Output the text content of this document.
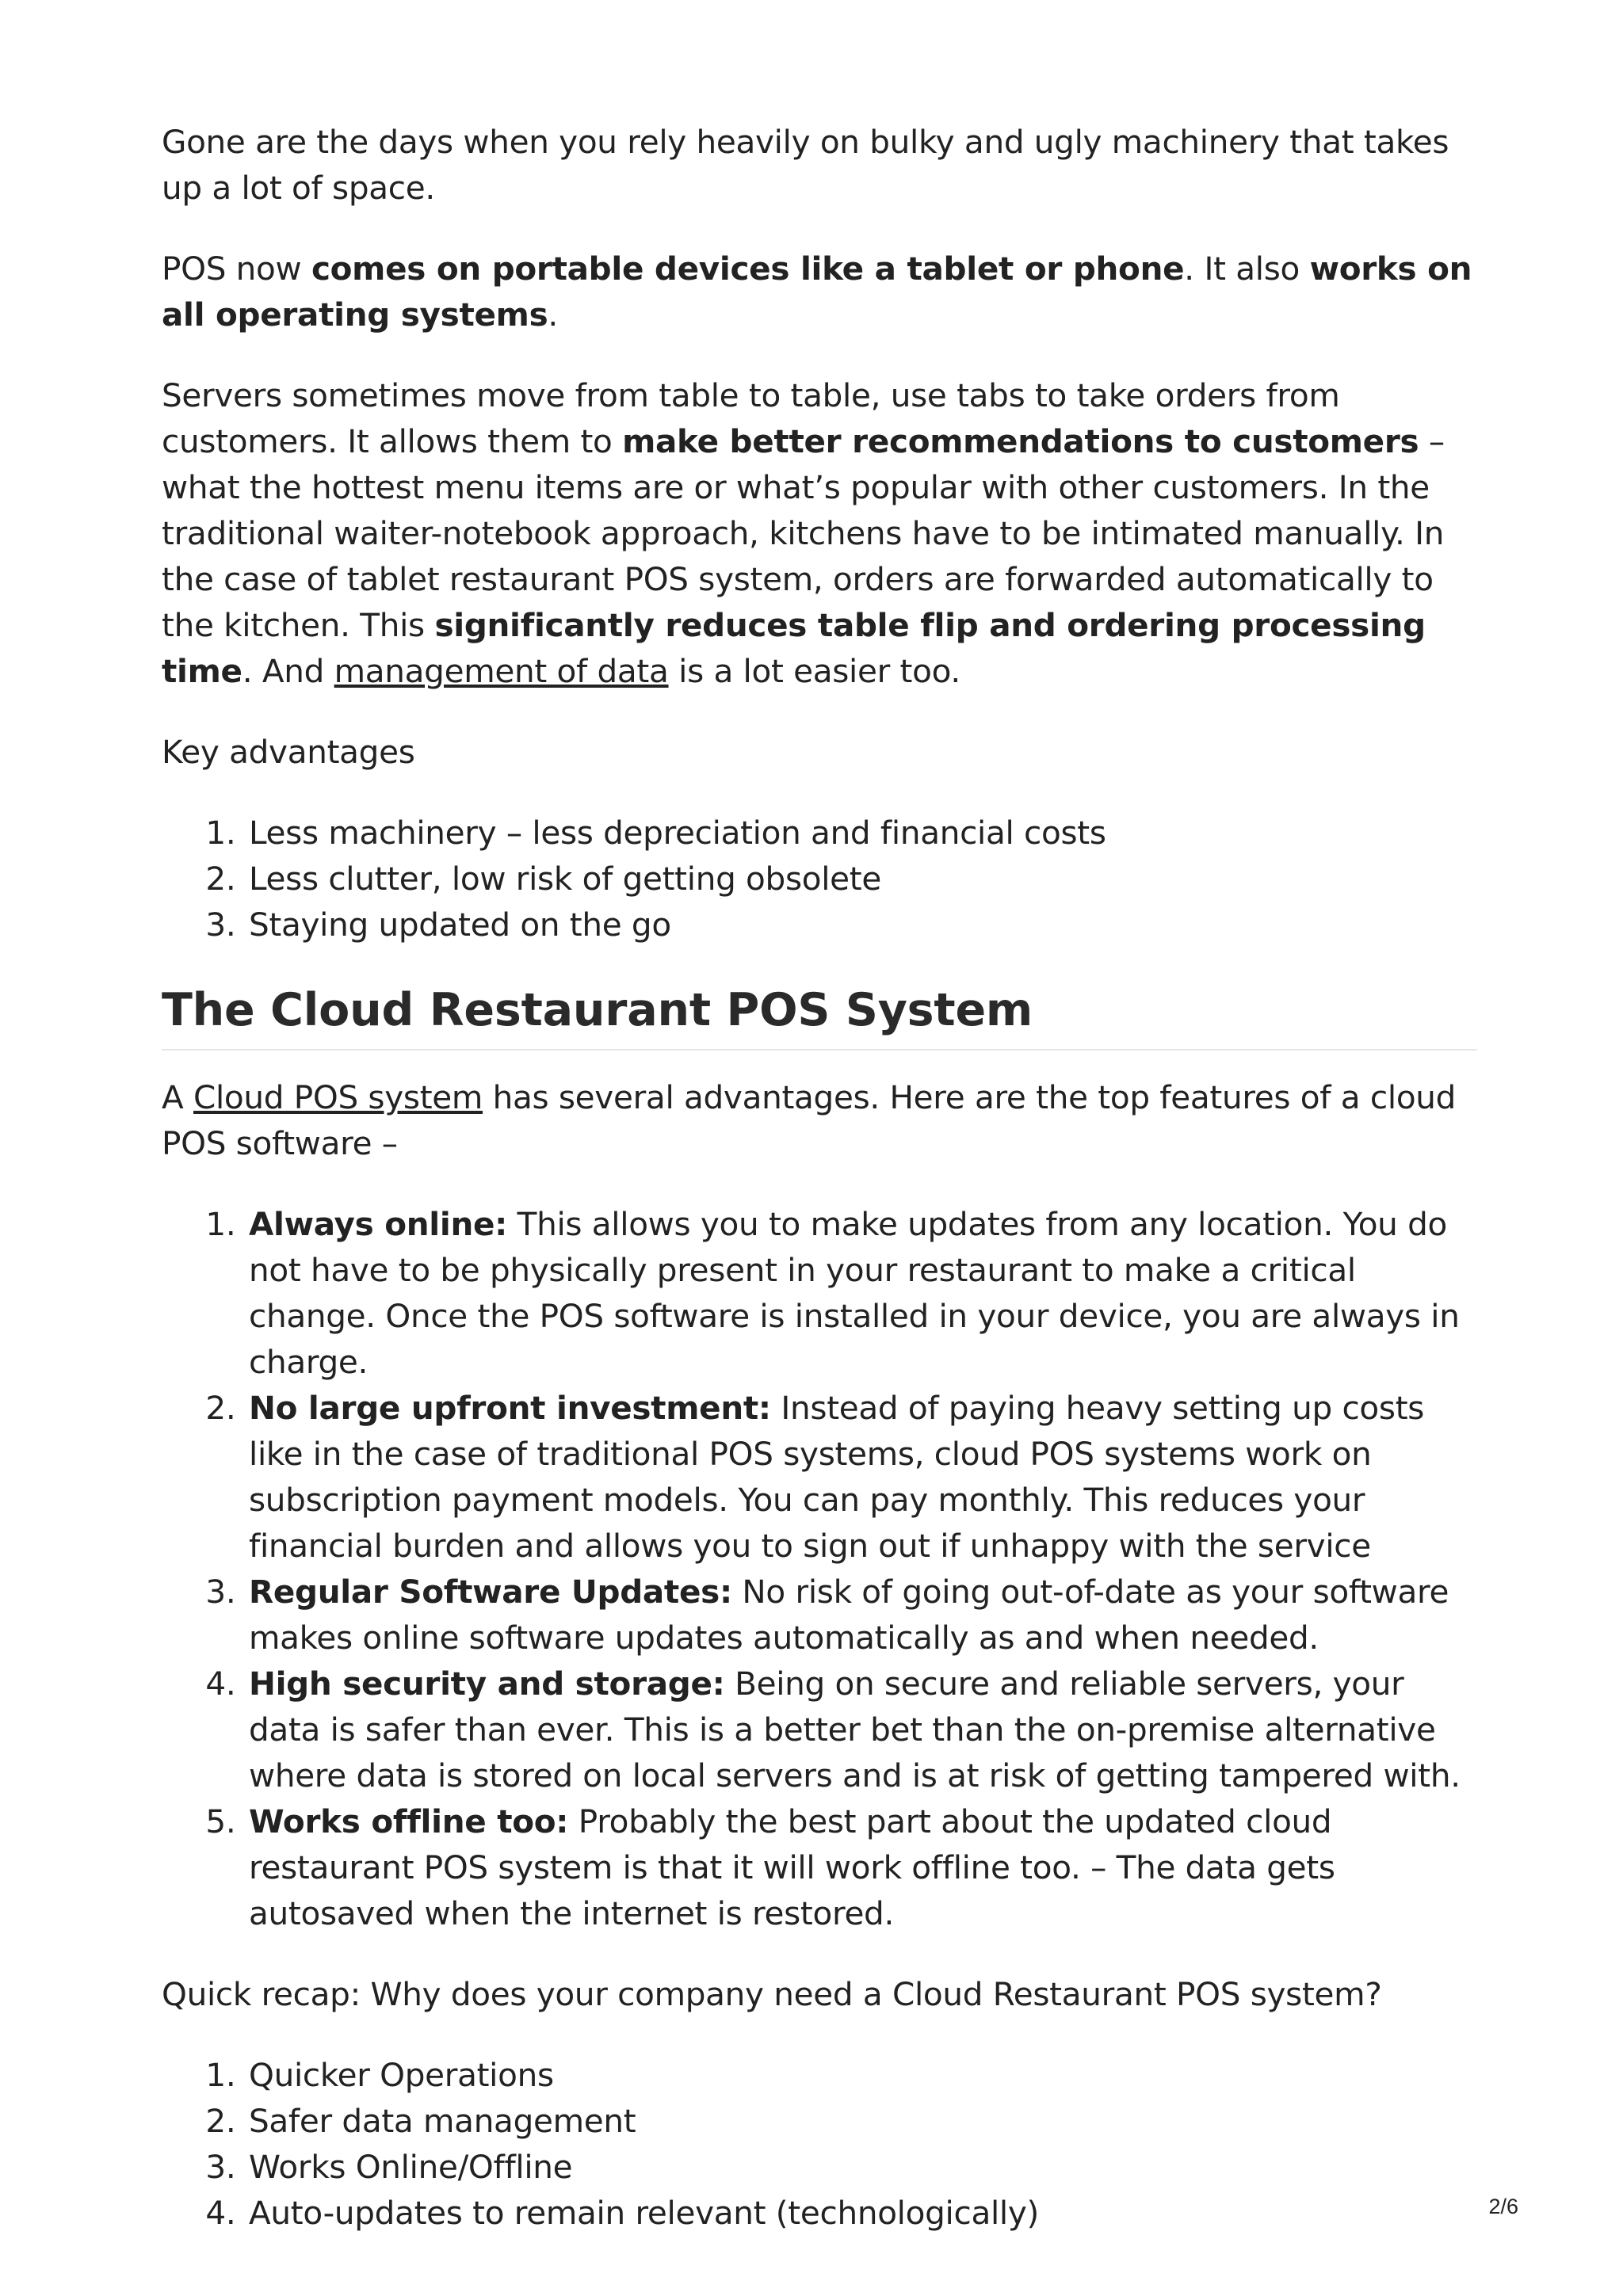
Gone are the days when you rely heavily on bulky and ugly machinery that takes up a lot of space.

POS now comes on portable devices like a tablet or phone. It also works on all operating systems.

Servers sometimes move from table to table, use tabs to take orders from customers. It allows them to make better recommendations to customers – what the hottest menu items are or what’s popular with other customers. In the traditional waiter-notebook approach, kitchens have to be intimated manually. In the case of tablet restaurant POS system, orders are forwarded automatically to the kitchen. This significantly reduces table flip and ordering processing time. And management of data is a lot easier too.

Key advantages

1. Less machinery – less depreciation and financial costs
2. Less clutter, low risk of getting obsolete
3. Staying updated on the go
The Cloud Restaurant POS System

A Cloud POS system has several advantages. Here are the top features of a cloud POS software –

1. Always online: This allows you to make updates from any location. You do not have to be physically present in your restaurant to make a critical change. Once the POS software is installed in your device, you are always in charge.
2. No large upfront investment: Instead of paying heavy setting up costs like in the case of traditional POS systems, cloud POS systems work on subscription payment models. You can pay monthly. This reduces your financial burden and allows you to sign out if unhappy with the service
3. Regular Software Updates: No risk of going out-of-date as your software makes online software updates automatically as and when needed.
4. High security and storage: Being on secure and reliable servers, your data is safer than ever. This is a better bet than the on-premise alternative where data is stored on local servers and is at risk of getting tampered with.
5. Works offline too: Probably the best part about the updated cloud restaurant POS system is that it will work offline too. – The data gets autosaved when the internet is restored.

Quick recap: Why does your company need a Cloud Restaurant POS system?

1. Quicker Operations
2. Safer data management
3. Works Online/Offline
4. Auto-updates to remain relevant (technologically)	2/6
